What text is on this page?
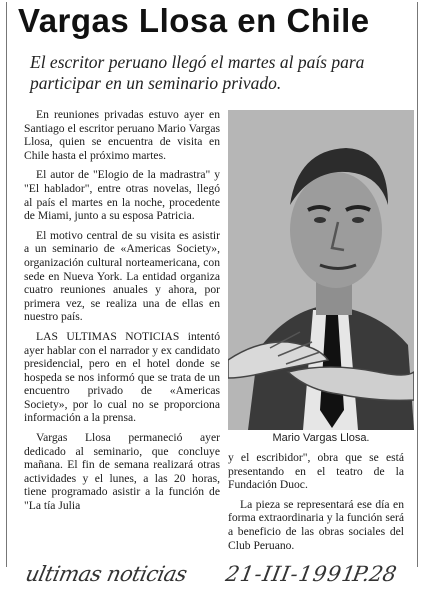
Vargas Llosa en Chile
El escritor peruano llegó el martes al país para participar en un seminario privado.

En reuniones privadas estuvo ayer en Santiago el escritor peruano Mario Vargas Llosa, quien se encuentra de visita en Chile hasta el próximo martes.

El autor de "Elogio de la madrastra" y "El hablador", entre otras novelas, llegó al país el martes en la noche, procedente de Miami, junto a su esposa Patricia.

El motivo central de su visita es asistir a un seminario de «Americas Society», organización cultural norteamericana, con sede en Nueva York. La entidad organiza cuatro reuniones anuales y ahora, por primera vez, se realiza una de ellas en nuestro país.

LAS ULTIMAS NOTICIAS intentó ayer hablar con el narrador y ex candidato presidencial, pero en el hotel donde se hospeda se nos informó que se trata de un encuentro privado de «Americas Society», por lo cual no se proporciona información a la prensa.

Vargas Llosa permaneció ayer dedicado al seminario, que concluye mañana. El fin de semana realizará otras actividades y el lunes, a las 20 horas, tiene programado asistir a la función de "La tía Julia

Mario Vargas Llosa.

y el escribidor", obra que se está presentando en el teatro de la Fundación Duoc.

La pieza se representará ese día en forma extraordinaria y la función será a beneficio de las obras sociales del Club Peruano.

ultimas noticias 21-III-1991
P.28
